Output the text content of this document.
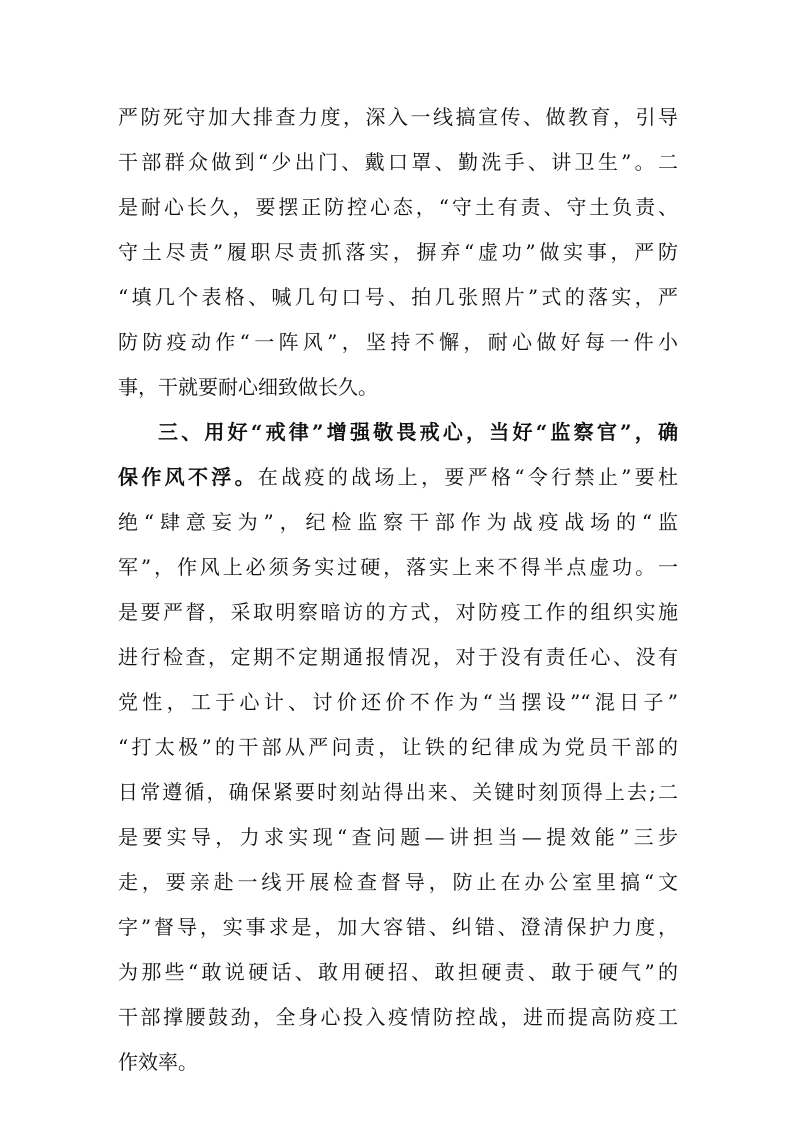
严防死守加大排查力度，深入一线搞宣传、做教育，引导
干部群众做到“少出门、戴口罩、勤洗手、讲卫生”。二
是耐心长久，要摆正防控心态，“守土有责、守土负责、
守土尽责”履职尽责抓落实，摒弃“虚功”做实事，严防
“填几个表格、喊几句口号、拍几张照片”式的落实，严
防防疫动作“一阵风”，坚持不懈，耐心做好每一件小
事，干就要耐心细致做长久。
三、用好“戒律”增强敬畏戒心，当好“监察官”，确
保作风不浮。在战疫的战场上，要严格“令行禁止”要杜
绝“肆意妄为”，纪检监察干部作为战疫战场的“监
军”，作风上必须务实过硬，落实上来不得半点虚功。一
是要严督，采取明察暗访的方式，对防疫工作的组织实施
进行检查，定期不定期通报情况，对于没有责任心、没有
党性，工于心计、讨价还价不作为“当摆设”“混日子”
“打太极”的干部从严问责，让铁的纪律成为党员干部的
日常遵循，确保紧要时刻站得出来、关键时刻顶得上去;二
是要实导，力求实现“查问题—讲担当—提效能”三步
走，要亲赴一线开展检查督导，防止在办公室里搞“文
字”督导，实事求是，加大容错、纠错、澄清保护力度，
为那些“敢说硬话、敢用硬招、敢担硬责、敢于硬气”的
干部撑腰鼓劲，全身心投入疫情防控战，进而提高防疫工
作效率。
